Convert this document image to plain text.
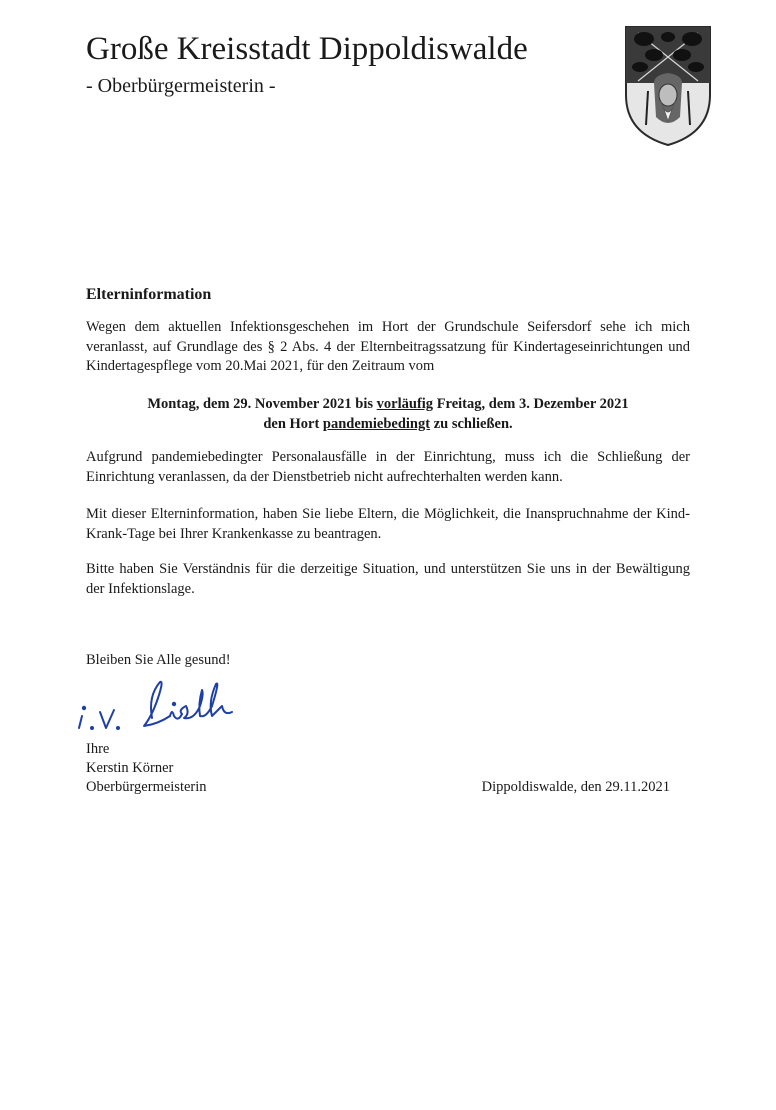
Große Kreisstadt Dippoldiswalde
- Oberbürgermeisterin -
Elterninformation
Wegen dem aktuellen Infektionsgeschehen im Hort der Grundschule Seifersdorf sehe ich mich veranlasst, auf Grundlage des § 2 Abs. 4 der Elternbeitragssatzung für Kindertageseinrichtungen und Kindertagespflege vom 20.Mai 2021, für den Zeitraum vom
Montag, dem 29. November 2021 bis vorläufig Freitag, dem 3. Dezember 2021
den Hort pandemiebedingt zu schließen.
Aufgrund pandemiebedingter Personalausfälle in der Einrichtung, muss ich die Schließung der Einrichtung veranlassen, da der Dienstbetrieb nicht aufrechterhalten werden kann.
Mit dieser Elterninformation, haben Sie liebe Eltern, die Möglichkeit, die Inanspruchnahme der Kind-Krank-Tage bei Ihrer Krankenkasse zu beantragen.
Bitte haben Sie Verständnis für die derzeitige Situation, und unterstützen Sie uns in der Bewältigung der Infektionslage.
Bleiben Sie Alle gesund!
Ihre
Kerstin Körner
Oberbürgermeisterin	Dippoldiswalde, den 29.11.2021
